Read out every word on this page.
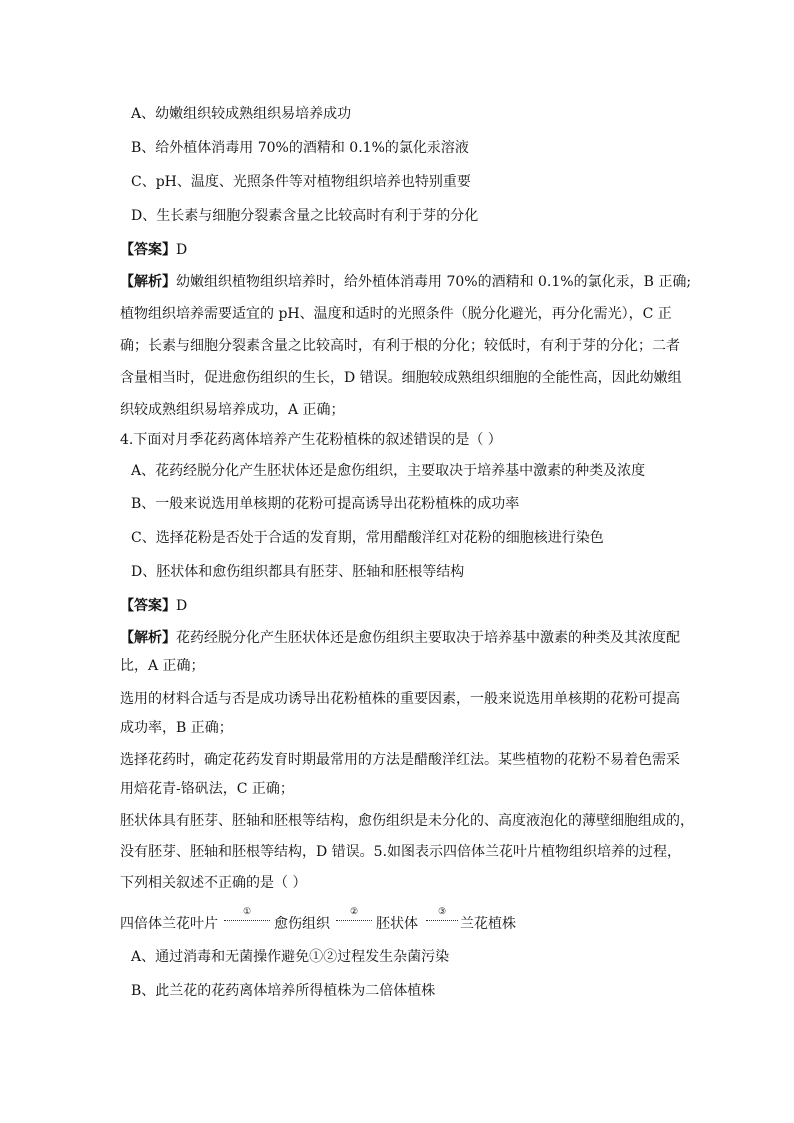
A、幼嫩组织较成熟组织易培养成功
B、给外植体消毒用 70%的酒精和 0.1%的氯化汞溶液
C、pH、温度、光照条件等对植物组织培养也特别重要
D、生长素与细胞分裂素含量之比较高时有利于芽的分化
【答案】D
【解析】幼嫩组织植物组织培养时，给外植体消毒用 70%的酒精和 0.1%的氯化汞，B 正确;
植物组织培养需要适宜的 pH、温度和适时的光照条件（脱分化避光，再分化需光），C 正
确；长素与细胞分裂素含量之比较高时，有利于根的分化；较低时，有利于芽的分化；二者
含量相当时，促进愈伤组织的生长，D 错误。细胞较成熟组织细胞的全能性高，因此幼嫩组
织较成熟组织易培养成功，A 正确；
4.下面对月季花药离体培养产生花粉植株的叙述错误的是（ ）
A、花药经脱分化产生胚状体还是愈伤组织，主要取决于培养基中激素的种类及浓度
B、一般来说选用单核期的花粉可提高诱导出花粉植株的成功率
C、选择花粉是否处于合适的发育期，常用醋酸洋红对花粉的细胞核进行染色
D、胚状体和愈伤组织都具有胚芽、胚轴和胚根等结构
【答案】D
【解析】花药经脱分化产生胚状体还是愈伤组织主要取决于培养基中激素的种类及其浓度配
比，A 正确；
选用的材料合适与否是成功诱导出花粉植株的重要因素，一般来说选用单核期的花粉可提高
成功率，B 正确；
选择花药时，确定花药发育时期最常用的方法是醋酸洋红法。某些植物的花粉不易着色需采
用焙花青-铬矾法，C 正确；
胚状体具有胚芽、胚轴和胚根等结构，愈伤组织是未分化的、高度液泡化的薄壁细胞组成的，
没有胚芽、胚轴和胚根等结构，D 错误。5.如图表示四倍体兰花叶片植物组织培养的过程，
下列相关叙述不正确的是（ ）
四倍体兰花叶片
①
愈伤组织
②
胚状体
③
兰花植株
A、通过消毒和无菌操作避免①②过程发生杂菌污染
B、此兰花的花药离体培养所得植株为二倍体植株
